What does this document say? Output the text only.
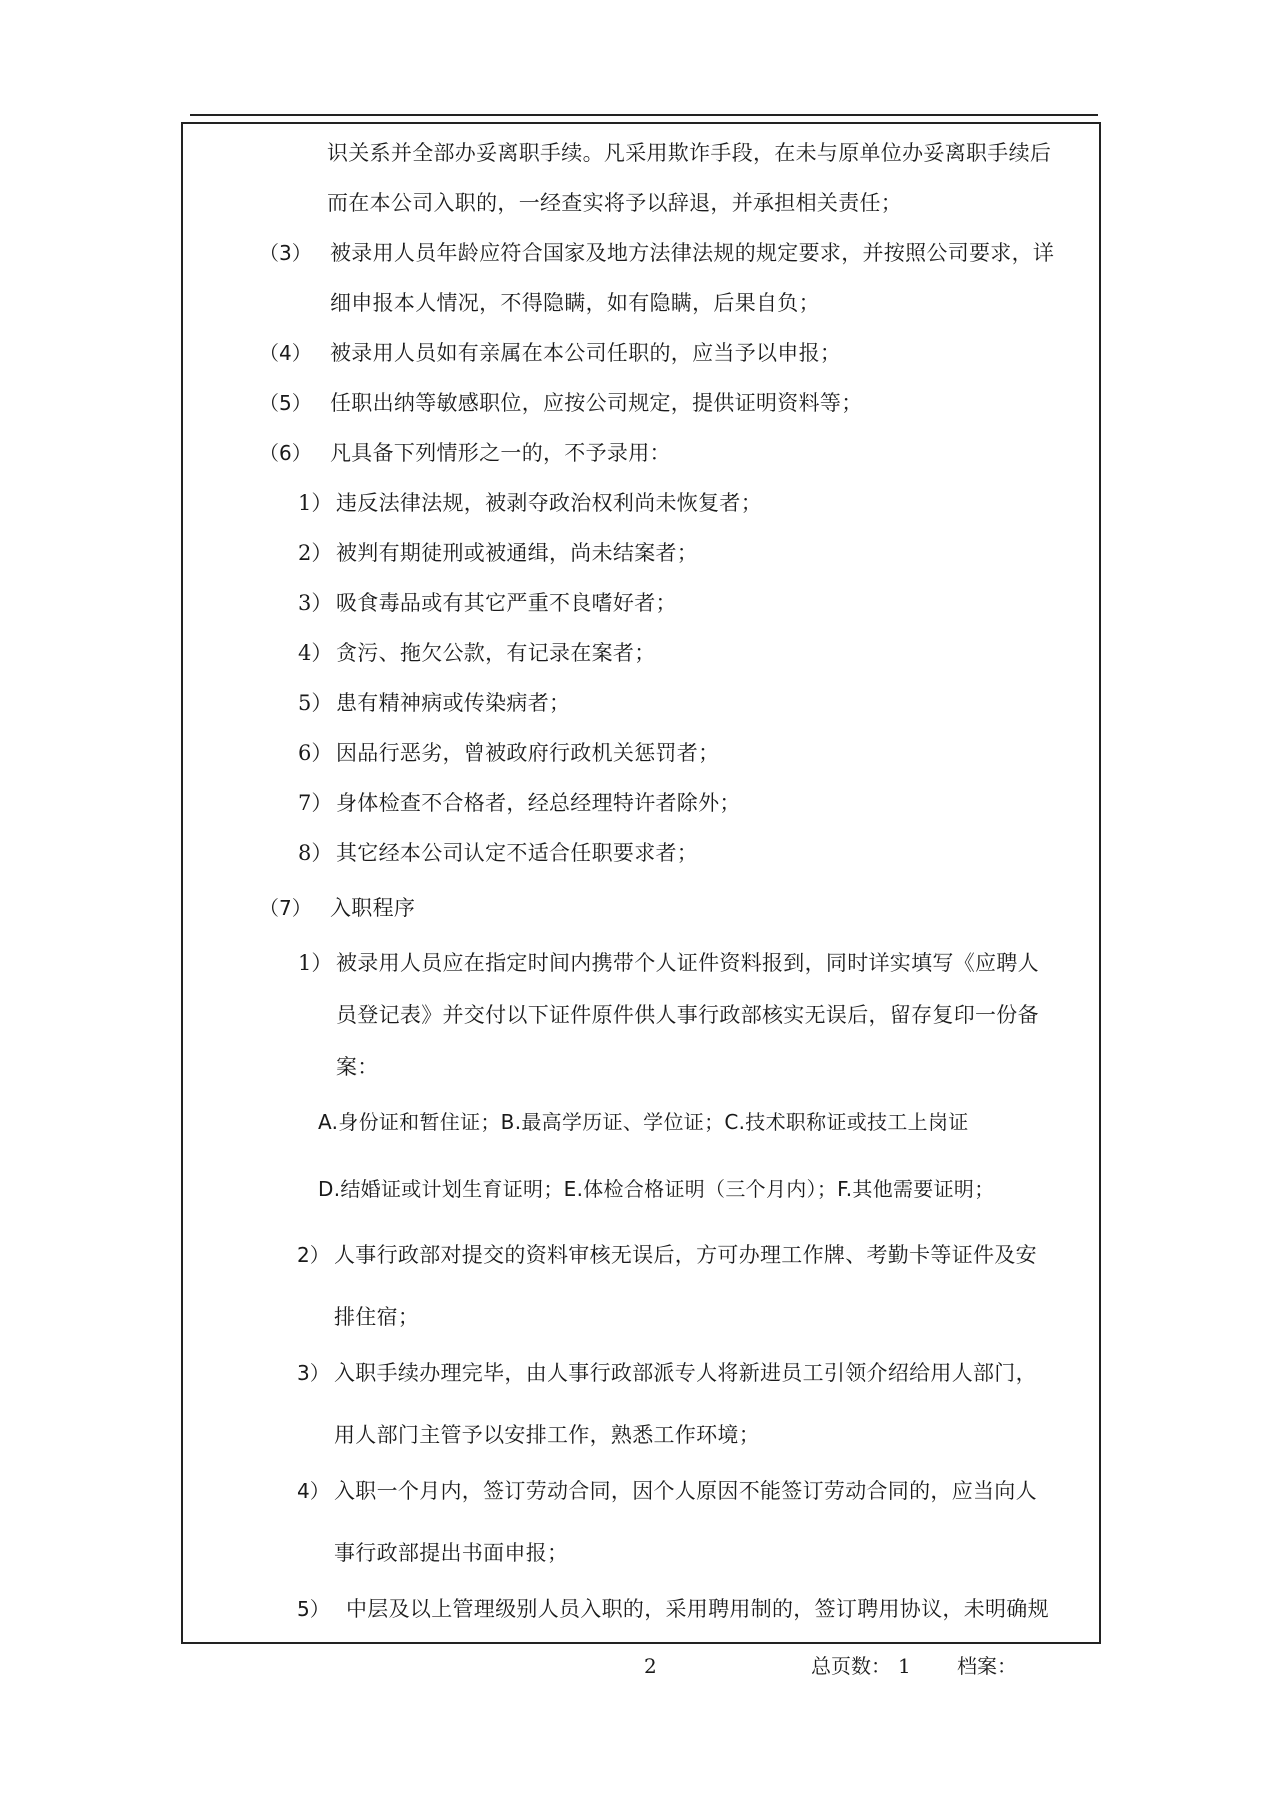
识关系并全部办妥离职手续。凡采用欺诈手段，在未与原单位办妥离职手续后
而在本公司入职的，一经查实将予以辞退，并承担相关责任；
（3） 被录用人员年龄应符合国家及地方法律法规的规定要求，并按照公司要求，详
细申报本人情况，不得隐瞒，如有隐瞒，后果自负；
（4） 被录用人员如有亲属在本公司任职的，应当予以申报；
（5） 任职出纳等敏感职位，应按公司规定，提供证明资料等；
（6） 凡具备下列情形之一的，不予录用：
1） 违反法律法规，被剥夺政治权利尚未恢复者；
2） 被判有期徒刑或被通缉，尚未结案者；
3） 吸食毒品或有其它严重不良嗜好者；
4） 贪污、拖欠公款，有记录在案者；
5） 患有精神病或传染病者；
6） 因品行恶劣，曾被政府行政机关惩罚者；
7） 身体检查不合格者，经总经理特许者除外；
8） 其它经本公司认定不适合任职要求者；
（7） 入职程序
1） 被录用人员应在指定时间内携带个人证件资料报到，同时详实填写《应聘人
员登记表》并交付以下证件原件供人事行政部核实无误后，留存复印一份备
案：
A.身份证和暂住证；B.最高学历证、学位证；C.技术职称证或技工上岗证
D.结婚证或计划生育证明；E.体检合格证明（三个月内）；F.其他需要证明；
2） 人事行政部对提交的资料审核无误后，方可办理工作牌、考勤卡等证件及安
排住宿；
3） 入职手续办理完毕，由人事行政部派专人将新进员工引领介绍给用人部门，
用人部门主管予以安排工作，熟悉工作环境；
4） 入职一个月内，签订劳动合同，因个人原因不能签订劳动合同的，应当向人
事行政部提出书面申报；
5） 中层及以上管理级别人员入职的，采用聘用制的，签订聘用协议，未明确规
2	总页数： 1 档案：
